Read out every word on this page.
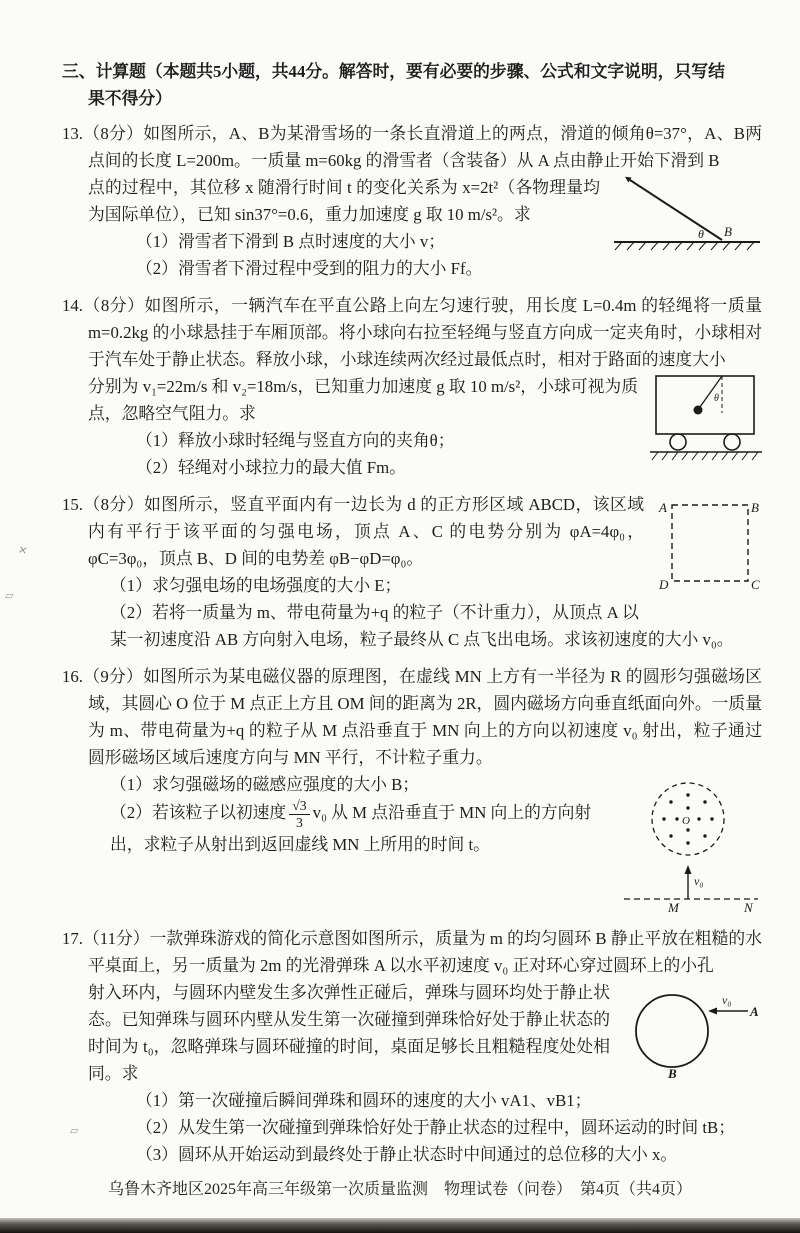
三、计算题（本题共5小题，共44分。解答时，要有必要的步骤、公式和文字说明，只写结
果不得分）

13.（8分）如图所示，A、B为某滑雪场的一条长直滑道上的两点，滑道的倾角θ=37°，A、B两点间的长度 L=200m。一质量 m=60kg 的滑雪者（含装备）从 A 点由静止开始下滑到 B

θ B

点的过程中，其位移 x 随滑行时间 t 的变化关系为 x=2t²（各物理量均为国际单位），已知 sin37°=0.6，重力加速度 g 取 10 m/s²。求

（1）滑雪者下滑到 B 点时速度的大小 v；

（2）滑雪者下滑过程中受到的阻力的大小 Ff。

14.（8分）如图所示，一辆汽车在平直公路上向左匀速行驶，用长度 L=0.4m 的轻绳将一质量 m=0.2kg 的小球悬挂于车厢顶部。将小球向右拉至轻绳与竖直方向成一定夹角时，小球相对于汽车处于静止状态。释放小球，小球连续两次经过最低点时，相对于路面的速度大小

θ

分别为 v₁=22m/s 和 v₂=18m/s，已知重力加速度 g 取 10 m/s²，小球可视为质点，忽略空气阻力。求

（1）释放小球时轻绳与竖直方向的夹角θ；

（2）轻绳对小球拉力的最大值 Fm。

A	B
D	C

15.（8分）如图所示，竖直平面内有一边长为 d 的正方形区域 ABCD，该区域内有平行于该平面的匀强电场，顶点 A、C 的电势分别为 φA=4φ₀，φC=3φ₀，顶点 B、D 间的电势差 φB−φD=φ₀。

（1）求匀强电场的电场强度的大小 E；

（2）若将一质量为 m、带电荷量为+q 的粒子（不计重力），从顶点 A 以某一初速度沿 AB 方向射入电场，粒子最终从 C 点飞出电场。求该初速度的大小 v₀。

16.（9分）如图所示为某电磁仪器的原理图，在虚线 MN 上方有一半径为 R 的圆形匀强磁场区域，其圆心 O 位于 M 点正上方且 OM 间的距离为 2R，圆内磁场方向垂直纸面向外。一质量为 m、带电荷量为+q 的粒子从 M 点沿垂直于 MN 向上的方向以初速度 v₀ 射出，粒子通过圆形磁场区域后速度方向与 MN 平行，不计粒子重力。

O
v₀
M	N

（1）求匀强磁场的磁感应强度的大小 B；

（2）若该粒子以初速度 $\frac{√3}{3} v_0$ 从 M 点沿垂直于 MN 向上的方向射出，求粒子从射出到返回虚线 MN 上所用的时间 t。

17.（11分）一款弹珠游戏的简化示意图如图所示，质量为 m 的均匀圆环 B 静止平放在粗糙的水平桌面上，另一质量为 2m 的光滑弹珠 A 以水平初速度 v₀ 正对环心穿过圆环上的小孔

v₀
A
B

射入环内，与圆环内壁发生多次弹性正碰后，弹珠与圆环均处于静止状态。已知弹珠与圆环内壁从发生第一次碰撞到弹珠恰好处于静止状态的时间为 t₀，忽略弹珠与圆环碰撞的时间，桌面足够长且粗糙程度处处相同。求

（1）第一次碰撞后瞬间弹珠和圆环的速度的大小 vA1、vB1；

（2）从发生第一次碰撞到弹珠恰好处于静止状态的过程中，圆环运动的时间 tB；

（3）圆环从开始运动到最终处于静止状态时中间通过的总位移的大小 x。

✕
▱
▱
乌鲁木齐地区2025年高三年级第一次质量监测　物理试卷（问卷）　第4页（共4页）
